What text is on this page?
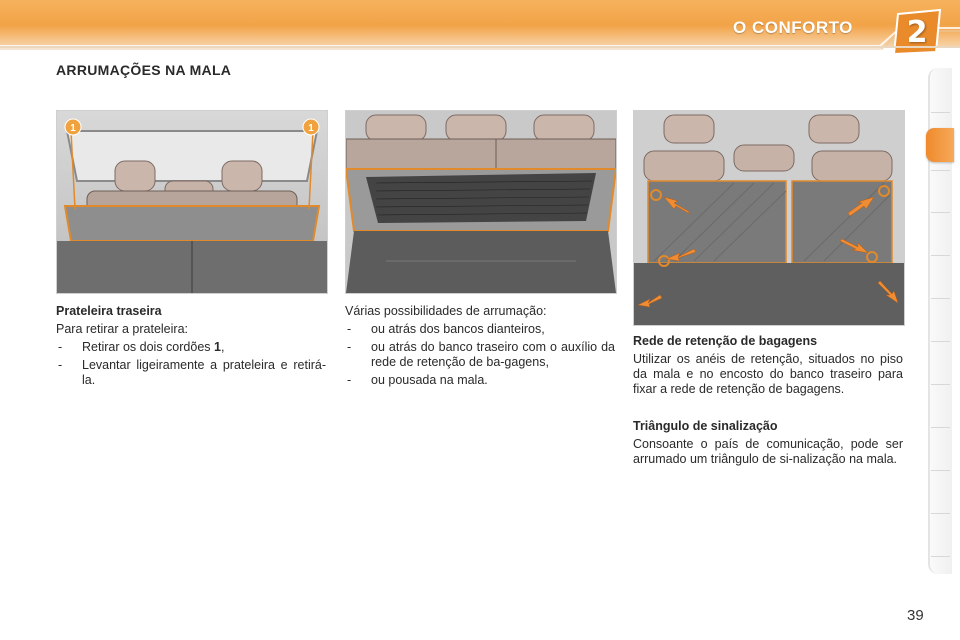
O CONFORTO	2
ARRUMAÇÕES NA MALA
1	1

Prateleira traseira

Para retirar a prateleira:

-	Retirar os dois cordões 1,
-	Levantar ligeiramente a prateleira e retirá-la.

Várias possibilidades de arrumação:

-	ou atrás dos bancos dianteiros,
-	ou atrás do banco traseiro com o auxílio da rede de retenção de ba-gagens,
-	ou pousada na mala.

Rede de retenção de bagagens

Utilizar os anéis de retenção, situados no piso da mala e no encosto do banco traseiro para fixar a rede de retenção de bagagens.

Triângulo de sinalização

Consoante o país de comunicação, pode ser arrumado um triângulo de si-nalização na mala.

39
